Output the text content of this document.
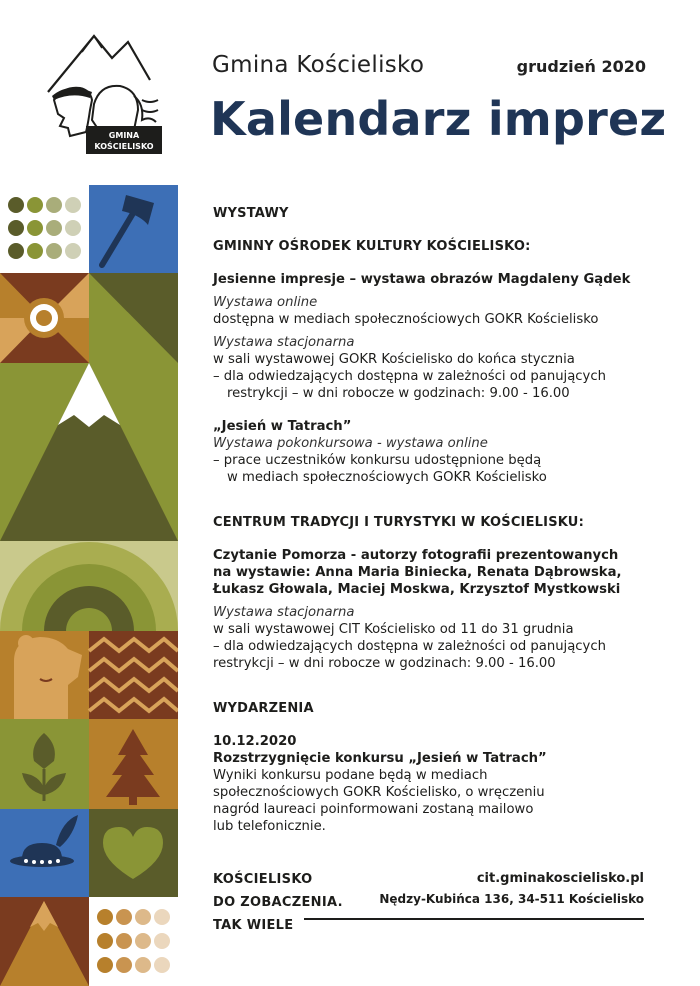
GMINA
KOŚCIELISKO
Gmina Kościelisko	grudzień 2020
Kalendarz imprez
WYSTAWY
GMINNY OŚRODEK KULTURY KOŚCIELISKO:
Jesienne impresje – wystawa obrazów Magdaleny Gądek
Wystawa online
dostępna w mediach społecznościowych GOKR Kościelisko
Wystawa stacjonarna
w sali wystawowej GOKR Kościelisko do końca stycznia
– dla odwiedzających dostępna w zależności od panujących
restrykcji – w dni robocze w godzinach: 9.00 - 16.00
„Jesień w Tatrach”
Wystawa pokonkursowa - wystawa online
– prace uczestników konkursu udostępnione będą
w mediach społecznościowych GOKR Kościelisko
CENTRUM TRADYCJI I TURYSTYKI W KOŚCIELISKU:
Czytanie Pomorza - autorzy fotografii prezentowanych
na wystawie: Anna Maria Biniecka, Renata Dąbrowska,
Łukasz Głowala, Maciej Moskwa, Krzysztof Mystkowski
Wystawa stacjonarna
w sali wystawowej CIT Kościelisko od 11 do 31 grudnia
– dla odwiedzających dostępna w zależności od panujących
restrykcji – w dni robocze w godzinach: 9.00 - 16.00
WYDARZENIA
10.12.2020
Rozstrzygnięcie konkursu „Jesień w Tatrach”
Wyniki konkursu podane będą w mediach
społecznościowych GOKR Kościelisko, o wręczeniu
nagród laureaci poinformowani zostaną mailowo
lub telefonicznie.
KOŚCIELISKO
DO ZOBACZENIA.
TAK WIELE
cit.gminakoscielisko.pl
Nędzy-Kubińca 136, 34-511 Kościelisko
